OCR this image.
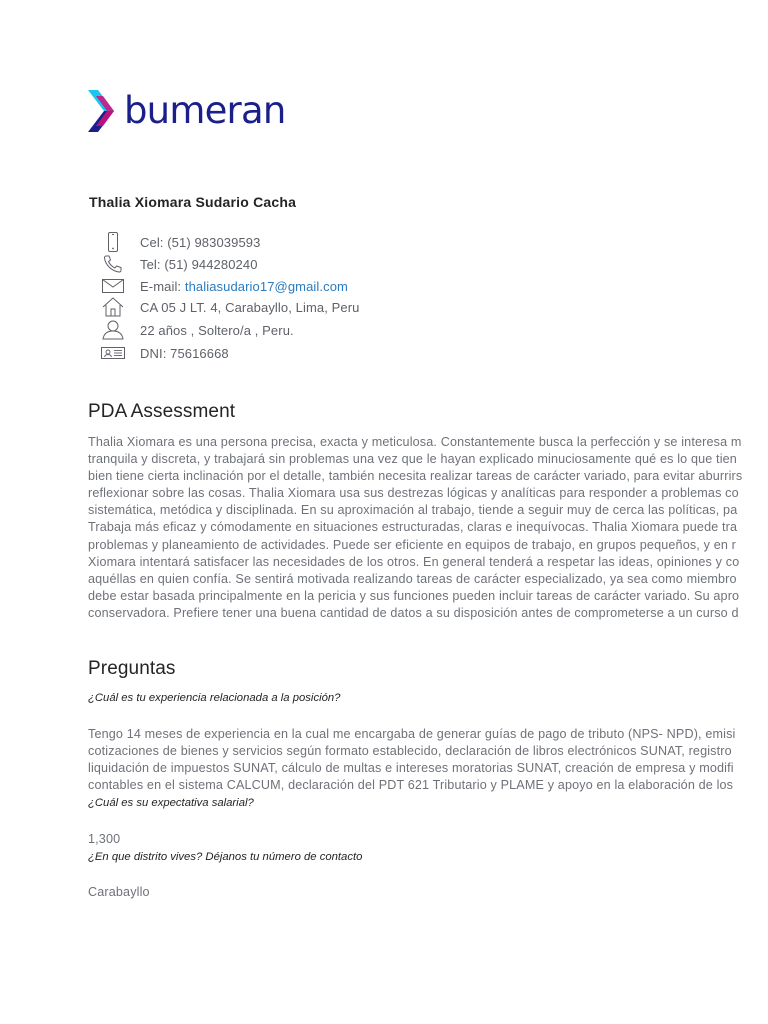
bumeran
Thalia Xiomara Sudario Cacha
Cel: (51) 983039593
Tel: (51) 944280240
E-mail: thaliasudario17@gmail.com
CA 05 J LT. 4, Carabayllo, Lima, Peru
22 años , Soltero/a , Peru.
DNI: 75616668
PDA Assessment
Thalia Xiomara es una persona precisa, exacta y meticulosa. Constantemente busca la perfección y se interesa m
tranquila y discreta, y trabajará sin problemas una vez que le hayan explicado minuciosamente qué es lo que tien
bien tiene cierta inclinación por el detalle, también necesita realizar tareas de carácter variado, para evitar aburrirs
reflexionar sobre las cosas. Thalia Xiomara usa sus destrezas lógicas y analíticas para responder a problemas co
sistemática, metódica y disciplinada. En su aproximación al trabajo, tiende a seguir muy de cerca las políticas, pa
Trabaja más eficaz y cómodamente en situaciones estructuradas, claras e inequívocas. Thalia Xiomara puede tra
problemas y planeamiento de actividades. Puede ser eficiente en equipos de trabajo, en grupos pequeños, y en r
Xiomara intentará satisfacer las necesidades de los otros. En general tenderá a respetar las ideas, opiniones y co
aquéllas en quien confía. Se sentirá motivada realizando tareas de carácter especializado, ya sea como miembro
debe estar basada principalmente en la pericia y sus funciones pueden incluir tareas de carácter variado. Su apro
conservadora. Prefiere tener una buena cantidad de datos a su disposición antes de comprometerse a un curso d
Preguntas
¿Cuál es tu experiencia relacionada a la posición?
Tengo 14 meses de experiencia en la cual me encargaba de generar guías de pago de tributo (NPS- NPD), emisi
cotizaciones de bienes y servicios según formato establecido, declaración de libros electrónicos SUNAT, registro
liquidación de impuestos SUNAT, cálculo de multas e intereses moratorias SUNAT, creación de empresa y modifi
contables en el sistema CALCUM, declaración del PDT 621 Tributario y PLAME y apoyo en la elaboración de los
¿Cuál es su expectativa salarial?
1,300
¿En que distrito vives? Déjanos tu número de contacto
Carabayllo
